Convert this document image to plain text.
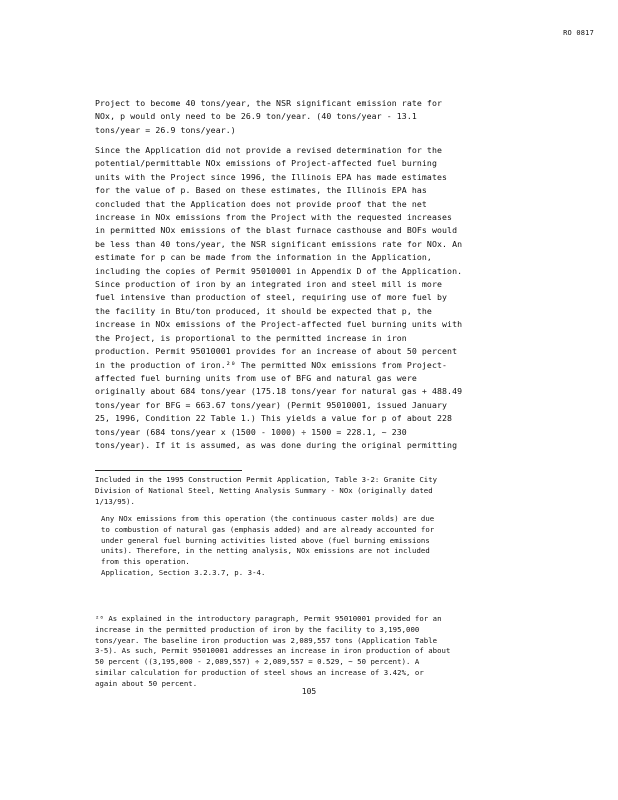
RO 0817
Project to become 40 tons/year, the NSR significant emission rate for
NOx, p would only need to be 26.9 ton/year. (40 tons/year - 13.1
tons/year = 26.9 tons/year.)
Since the Application did not provide a revised determination for the
potential/permittable NOx emissions of Project-affected fuel burning
units with the Project since 1996, the Illinois EPA has made estimates
for the value of p. Based on these estimates, the Illinois EPA has
concluded that the Application does not provide proof that the net
increase in NOx emissions from the Project with the requested increases
in permitted NOx emissions of the blast furnace casthouse and BOFs would
be less than 40 tons/year, the NSR significant emissions rate for NOx. An
estimate for p can be made from the information in the Application,
including the copies of Permit 95010001 in Appendix D of the Application.
Since production of iron by an integrated iron and steel mill is more
fuel intensive than production of steel, requiring use of more fuel by
the facility in Btu/ton produced, it should be expected that p, the
increase in NOx emissions of the Project-affected fuel burning units with
the Project, is proportional to the permitted increase in iron
production. Permit 95010001 provides for an increase of about 50 percent
in the production of iron.²⁰ The permitted NOx emissions from Project-
affected fuel burning units from use of BFG and natural gas were
originally about 684 tons/year (175.18 tons/year for natural gas + 488.49
tons/year for BFG = 663.67 tons/year) (Permit 95010001, issued January
25, 1996, Condition 22 Table 1.) This yields a value for p of about 228
tons/year (684 tons/year x (1500 - 1000) ÷ 1500 = 228.1, ~ 230
tons/year). If it is assumed, as was done during the original permitting
Included in the 1995 Construction Permit Application, Table 3-2: Granite City
Division of National Steel, Netting Analysis Summary - NOx (originally dated
1/13/95).
Any NOx emissions from this operation (the continuous caster molds) are due
to combustion of natural gas (emphasis added) and are already accounted for
under general fuel burning activities listed above (fuel burning emissions
units). Therefore, in the netting analysis, NOx emissions are not included
from this operation.
Application, Section 3.2.3.7, p. 3-4.
²⁰ As explained in the introductory paragraph, Permit 95010001 provided for an
increase in the permitted production of iron by the facility to 3,195,000
tons/year. The baseline iron production was 2,089,557 tons (Application Table
3-5). As such, Permit 95010001 addresses an increase in iron production of about
50 percent ((3,195,000 - 2,089,557) ÷ 2,089,557 = 0.529, ~ 50 percent). A
similar calculation for production of steel shows an increase of 3.42%, or
again about 50 percent.
105
